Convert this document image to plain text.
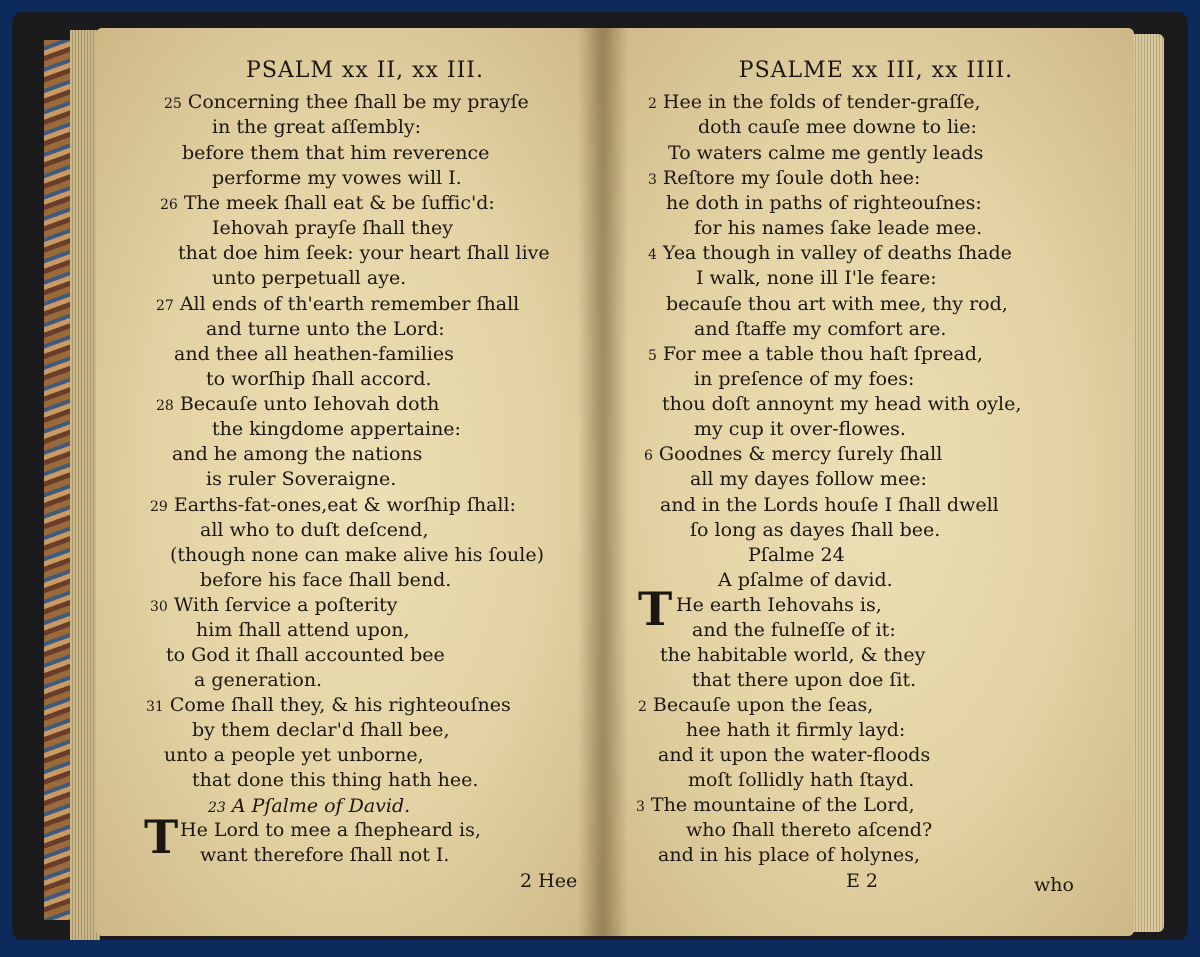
PSALM xx II, xx III.
25 Concerning thee ſhall be my prayſe
in the great aſſembly:
before them that him reverence
performe my vowes will I.
26 The meek ſhall eat & be ſuffic'd:
Iehovah prayſe ſhall they
that doe him ſeek: your heart ſhall live
unto perpetuall aye.
27 All ends of th'earth remember ſhall
and turne unto the Lord:
and thee all heathen-families
to worſhip ſhall accord.
28 Becauſe unto Iehovah doth
the kingdome appertaine:
and he among the nations
is ruler Soveraigne.
29 Earths-fat-ones,eat & worſhip ſhall:
all who to duſt deſcend,
(though none can make alive his ſoule)
before his face ſhall bend.
30 With ſervice a poſterity
him ſhall attend upon,
to God it ſhall accounted bee
a generation.
31 Come ſhall they, & his righteouſnes
by them declar'd ſhall bee,
unto a people yet unborne,
that done this thing hath hee.
23 A Pſalme of David.
T He Lord to mee a ſhepheard is,
want therefore ſhall not I.
2 Hee
PSALME xx III, xx IIII.
2 Hee in the folds of tender-graſſe,
doth cauſe mee downe to lie:
To waters calme me gently leads
3 Reſtore my ſoule doth hee:
he doth in paths of righteouſnes:
for his names ſake leade mee.
4 Yea though in valley of deaths ſhade
I walk, none ill I'le feare:
becauſe thou art with mee, thy rod,
and ſtaffe my comfort are.
5 For mee a table thou haſt ſpread,
in preſence of my foes:
thou doſt annoynt my head with oyle,
my cup it over-flowes.
6 Goodnes & mercy ſurely ſhall
all my dayes follow mee:
and in the Lords houſe I ſhall dwell
ſo long as dayes ſhall bee.
Pſalme 24
A pſalme of david.
T He earth Iehovahs is,
and the fulneſſe of it:
the habitable world, & they
that there upon doe ſit.
2 Becauſe upon the ſeas,
hee hath it firmly layd:
and it upon the water-floods
moſt ſollidly hath ſtayd.
3 The mountaine of the Lord,
who ſhall thereto aſcend?
and in his place of holynes,
E 2	who
